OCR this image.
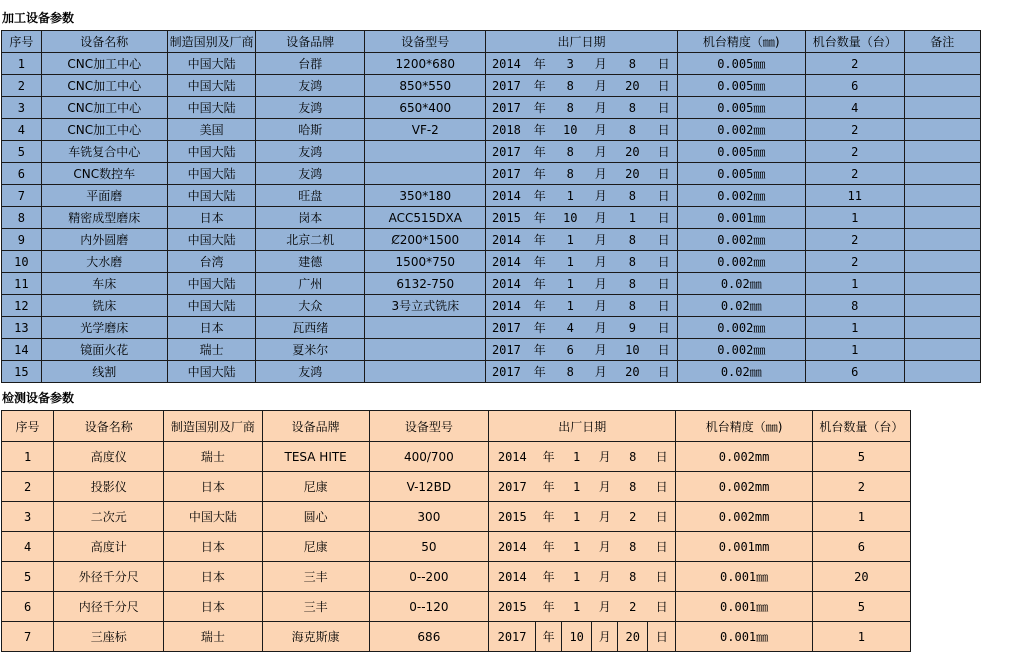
加工设备参数
序号	设备名称	制造国别及厂商	设备品牌	设备型号	出厂日期						机台精度（㎜)	机台数量（台）	备注
1	CNC加工中心	中国大陆	台群	1200*680	2014	年	3	月	8	日	0.005㎜	2	
2	CNC加工中心	中国大陆	友鸿	850*550	2017	年	8	月	20	日	0.005㎜	6	
3	CNC加工中心	中国大陆	友鸿	650*400	2017	年	8	月	8	日	0.005㎜	4	
4	CNC加工中心	美国	哈斯	VF-2	2018	年	10	月	8	日	0.002㎜	2	
5	车铣复合中心	中国大陆	友鸿		2017	年	8	月	20	日	0.005㎜	2	
6	CNC数控车	中国大陆	友鸿		2017	年	8	月	20	日	0.005㎜	2	
7	平面磨	中国大陆	旺盘	350*180	2014	年	1	月	8	日	0.002㎜	11	
8	精密成型磨床	日本	岗本	ACC515DXA	2015	年	10	月	1	日	0.001㎜	1	
9	内外圆磨	中国大陆	北京二机	Ȼ200*1500	2014	年	1	月	8	日	0.002㎜	2	
10	大水磨	台湾	建德	1500*750	2014	年	1	月	8	日	0.002㎜	2	
11	车床	中国大陆	广州	6132-750	2014	年	1	月	8	日	0.02㎜	1	
12	铣床	中国大陆	大众	3号立式铣床	2014	年	1	月	8	日	0.02㎜	8	
13	光学磨床	日本	瓦西绪		2017	年	4	月	9	日	0.002㎜	1	
14	镜面火花	瑞士	夏米尔		2017	年	6	月	10	日	0.002㎜	1	
15	线割	中国大陆	友鸿		2017	年	8	月	20	日	0.02㎜	6	
检测设备参数
序号	设备名称	制造国别及厂商	设备品牌	设备型号	出厂日期						机台精度（㎜)	机台数量（台）
1	高度仪	瑞士	TESA HITE	400/700	2014	年	1	月	8	日	0.002mm	5
2	投影仪	日本	尼康	V-12BD	2017	年	1	月	8	日	0.002mm	2
3	二次元	中国大陆	圆心	300	2015	年	1	月	2	日	0.002mm	1
4	高度计	日本	尼康	50	2014	年	1	月	8	日	0.001mm	6
5	外径千分尺	日本	三丰	0--200	2014	年	1	月	8	日	0.001㎜	20
6	内径千分尺	日本	三丰	0--120	2015	年	1	月	2	日	0.001㎜	5
7	三座标	瑞士	海克斯康	686	2017	年	10	月	20	日	0.001㎜	1
